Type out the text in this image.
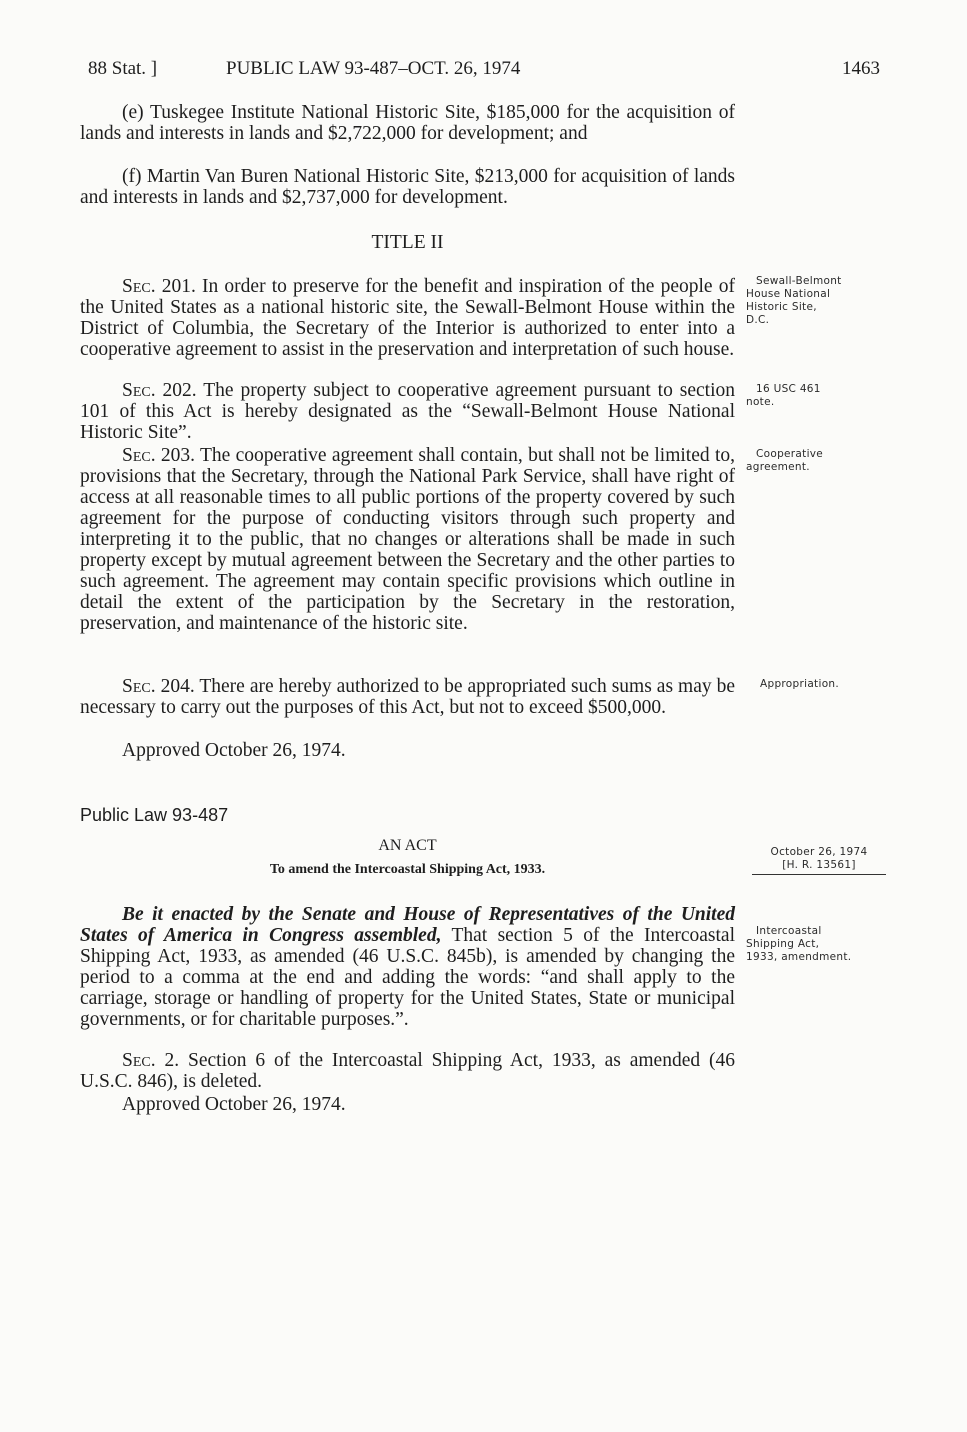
88 Stat. ]	PUBLIC LAW 93-487–OCT. 26, 1974	1463
(e) Tuskegee Institute National Historic Site, $185,000 for the acquisition of lands and interests in lands and $2,722,000 for development; and
(f) Martin Van Buren National Historic Site, $213,000 for acquisition of lands and interests in lands and $2,737,000 for development.
TITLE II
Sec. 201. In order to preserve for the benefit and inspiration of the people of the United States as a national historic site, the Sewall-Belmont House within the District of Columbia, the Secretary of the Interior is authorized to enter into a cooperative agreement to assist in the preservation and interpretation of such house.
Sec. 202. The property subject to cooperative agreement pursuant to section 101 of this Act is hereby designated as the “Sewall-Belmont House National Historic Site”.
Sec. 203. The cooperative agreement shall contain, but shall not be limited to, provisions that the Secretary, through the National Park Service, shall have right of access at all reasonable times to all public portions of the property covered by such agreement for the purpose of conducting visitors through such property and interpreting it to the public, that no changes or alterations shall be made in such property except by mutual agreement between the Secretary and the other parties to such agreement. The agreement may contain specific provisions which outline in detail the extent of the participation by the Secretary in the restoration, preservation, and maintenance of the historic site.
Sec. 204. There are hereby authorized to be appropriated such sums as may be necessary to carry out the purposes of this Act, but not to exceed $500,000.
Approved October 26, 1974.
Public Law 93-487
AN ACT
To amend the Intercoastal Shipping Act, 1933.
Be it enacted by the Senate and House of Representatives of the United States of America in Congress assembled, That section 5 of the Intercoastal Shipping Act, 1933, as amended (46 U.S.C. 845b), is amended by changing the period to a comma at the end and adding the words: “and shall apply to the carriage, storage or handling of property for the United States, State or municipal governments, or for charitable purposes.”.
Sec. 2. Section 6 of the Intercoastal Shipping Act, 1933, as amended (46 U.S.C. 846), is deleted.
Approved October 26, 1974.
Sewall-Belmont
House National
Historic Site,
D.C.
16 USC 461
note.
Cooperative
agreement.
Appropriation.
October 26, 1974
[H. R. 13561]
Intercoastal
Shipping Act,
1933, amendment.
